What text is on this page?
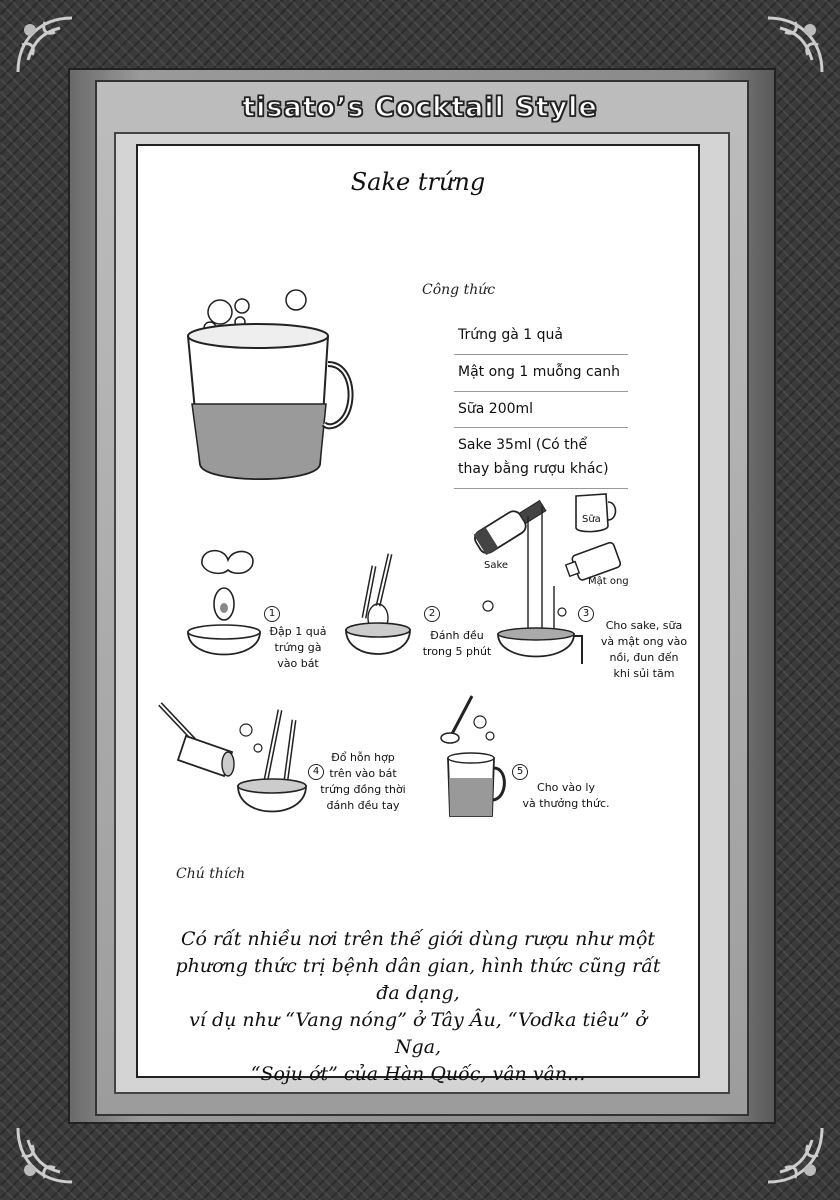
tisato’s Cocktail Style
Sake trứng
Công thức
Trứng gà 1 quả
Mật ong 1 muỗng canh
Sữa 200ml
Sake 35ml (Có thể
thay bằng rượu khác)
1
Đập 1 quả
trứng gà
vào bát
2
Đánh đều
trong 5 phút
Sake
Sữa
Mật ong
3
Cho sake, sữa
và mật ong vào
nồi, đun đến
khi sủi tăm
4
Đổ hỗn hợp
trên vào bát
trứng đồng thời
đánh đều tay
5
Cho vào ly
và thưởng thức.
Chú thích
Có rất nhiều nơi trên thế giới dùng rượu như một
phương thức trị bệnh dân gian, hình thức cũng rất đa dạng,
ví dụ như “Vang nóng” ở Tây Âu, “Vodka tiêu” ở Nga,
“Soju ớt” của Hàn Quốc, vân vân...
